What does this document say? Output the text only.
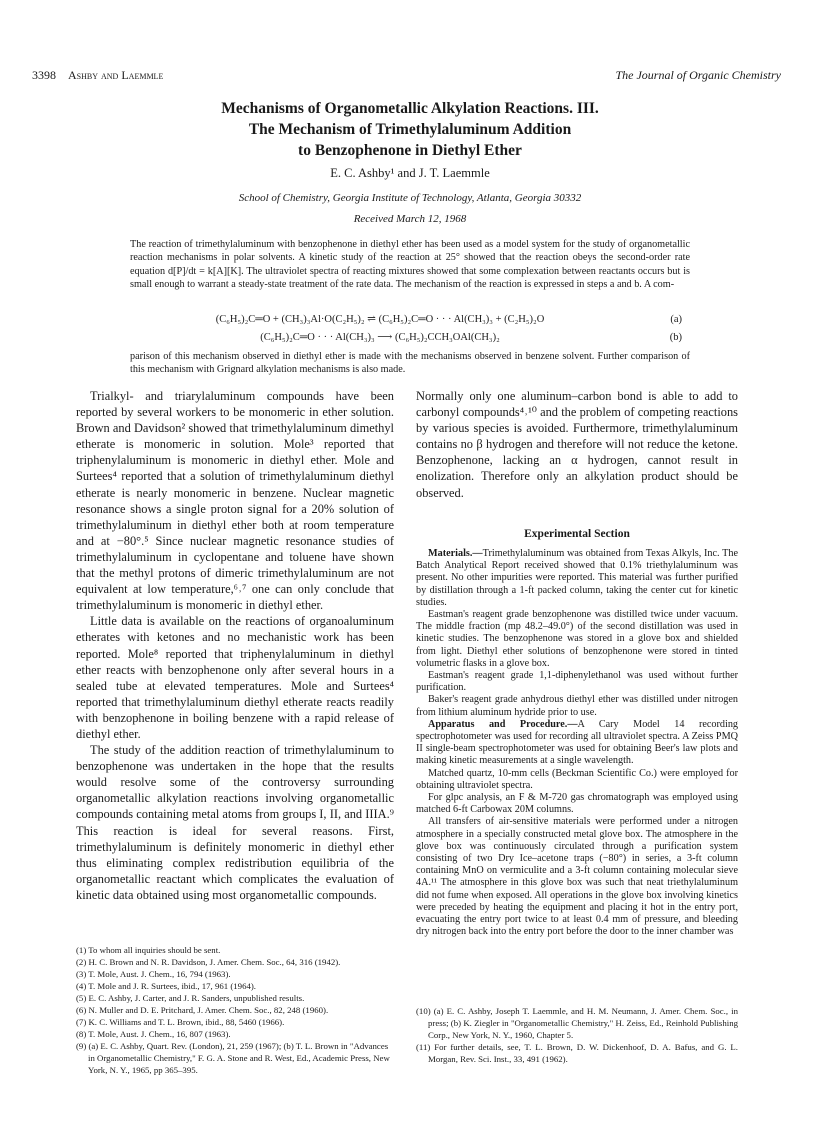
3398 Ashby and Laemmle	The Journal of Organic Chemistry
Mechanisms of Organometallic Alkylation Reactions. III.
The Mechanism of Trimethylaluminum Addition
to Benzophenone in Diethyl Ether
E. C. Ashby¹ and J. T. Laemmle
School of Chemistry, Georgia Institute of Technology, Atlanta, Georgia 30332
Received March 12, 1968

The reaction of trimethylaluminum with benzophenone in diethyl ether has been used as a model system for the study of organometallic reaction mechanisms in polar solvents. A kinetic study of the reaction at 25° showed that the reaction obeys the second-order rate equation d[P]/dt = k[A][K]. The ultraviolet spectra of reacting mixtures showed that some complexation between reactants occurs but is small enough to warrant a steady-state treatment of the rate data. The mechanism of the reaction is expressed in steps a and b. A com-

(C₆H₅)₂C═O + (CH₃)₃Al·O(C₂H₅)₂ ⇌ (C₆H₅)₂C═O · · · Al(CH₃)₃ + (C₂H₅)₂O	(a)
(C₆H₅)₂C═O · · · Al(CH₃)₃ ⟶ (C₆H₅)₂CCH₃OAl(CH₃)₂	(b)

parison of this mechanism observed in diethyl ether is made with the mechanisms observed in benzene solvent. Further comparison of this mechanism with Grignard alkylation mechanisms is also made.

Trialkyl- and triarylaluminum compounds have been reported by several workers to be monomeric in ether solution. Brown and Davidson² showed that trimethylaluminum dimethyl etherate is monomeric in solution. Mole³ reported that triphenylaluminum is monomeric in diethyl ether. Mole and Surtees⁴ reported that a solution of trimethylaluminum diethyl etherate is nearly monomeric in benzene. Nuclear magnetic resonance shows a single proton signal for a 20% solution of trimethylaluminum in diethyl ether both at room temperature and at −80°.⁵ Since nuclear magnetic resonance studies of trimethylaluminum in cyclopentane and toluene have shown that the methyl protons of dimeric trimethylaluminum are not equivalent at low temperature,⁶˒⁷ one can only conclude that trimethylaluminum is monomeric in diethyl ether.

Little data is available on the reactions of organoaluminum etherates with ketones and no mechanistic work has been reported. Mole⁸ reported that triphenylaluminum in diethyl ether reacts with benzophenone only after several hours in a sealed tube at elevated temperatures. Mole and Surtees⁴ reported that trimethylaluminum diethyl etherate reacts readily with benzophenone in boiling benzene with a rapid release of diethyl ether.

The study of the addition reaction of trimethylaluminum to benzophenone was undertaken in the hope that the results would resolve some of the controversy surrounding organometallic alkylation reactions involving organometallic compounds containing metal atoms from groups I, II, and IIIA.⁹ This reaction is ideal for several reasons. First, trimethylaluminum is definitely monomeric in diethyl ether thus eliminating complex redistribution equilibria of the organometallic reactant which complicates the evaluation of kinetic data obtained using most organometallic compounds.

Normally only one aluminum–carbon bond is able to add to carbonyl compounds⁴˒¹⁰ and the problem of competing reactions by various species is avoided. Furthermore, trimethylaluminum contains no β hydrogen and therefore will not reduce the ketone. Benzophenone, lacking an α hydrogen, cannot result in enolization. Therefore only an alkylation product should be observed.

Experimental Section

Materials.—Trimethylaluminum was obtained from Texas Alkyls, Inc. The Batch Analytical Report received showed that 0.1% triethylaluminum was present. No other impurities were reported. This material was further purified by distillation through a 1-ft packed column, taking the center cut for kinetic studies.

Eastman's reagent grade benzophenone was distilled twice under vacuum. The middle fraction (mp 48.2–49.0°) of the second distillation was used in kinetic studies. The benzophenone was stored in a glove box and shielded from light. Diethyl ether solutions of benzophenone were stored in tinted volumetric flasks in a glove box.

Eastman's reagent grade 1,1-diphenylethanol was used without further purification.

Baker's reagent grade anhydrous diethyl ether was distilled under nitrogen from lithium aluminum hydride prior to use.

Apparatus and Procedure.—A Cary Model 14 recording spectrophotometer was used for recording all ultraviolet spectra. A Zeiss PMQ II single-beam spectrophotometer was used for obtaining Beer's law plots and making kinetic measurements at a single wavelength.

Matched quartz, 10-mm cells (Beckman Scientific Co.) were employed for obtaining ultraviolet spectra.

For glpc analysis, an F & M-720 gas chromatograph was employed using matched 6-ft Carbowax 20M columns.

All transfers of air-sensitive materials were performed under a nitrogen atmosphere in a specially constructed metal glove box. The atmosphere in the glove box was continuously circulated through a purification system consisting of two Dry Ice–acetone traps (−80°) in series, a 3-ft column containing MnO on vermiculite and a 3-ft column containing molecular sieve 4A.¹¹ The atmosphere in this glove box was such that neat triethylaluminum did not fume when exposed. All operations in the glove box involving kinetics were preceded by heating the equipment and placing it hot in the entry port, evacuating the entry port twice to at least 0.4 mm of pressure, and bleeding dry nitrogen back into the entry port before the door to the inner chamber was

(1) To whom all inquiries should be sent.

(2) H. C. Brown and N. R. Davidson, J. Amer. Chem. Soc., 64, 316 (1942).

(3) T. Mole, Aust. J. Chem., 16, 794 (1963).

(4) T. Mole and J. R. Surtees, ibid., 17, 961 (1964).

(5) E. C. Ashby, J. Carter, and J. R. Sanders, unpublished results.

(6) N. Muller and D. E. Pritchard, J. Amer. Chem. Soc., 82, 248 (1960).

(7) K. C. Williams and T. L. Brown, ibid., 88, 5460 (1966).

(8) T. Mole, Aust. J. Chem., 16, 807 (1963).

(9) (a) E. C. Ashby, Quart. Rev. (London), 21, 259 (1967); (b) T. L. Brown in "Advances in Organometallic Chemistry," F. G. A. Stone and R. West, Ed., Academic Press, New York, N. Y., 1965, pp 365–395.

(10) (a) E. C. Ashby, Joseph T. Laemmle, and H. M. Neumann, J. Amer. Chem. Soc., in press; (b) K. Ziegler in "Organometallic Chemistry," H. Zeiss, Ed., Reinhold Publishing Corp., New York, N. Y., 1960, Chapter 5.

(11) For further details, see, T. L. Brown, D. W. Dickenhoof, D. A. Bafus, and G. L. Morgan, Rev. Sci. Inst., 33, 491 (1962).
